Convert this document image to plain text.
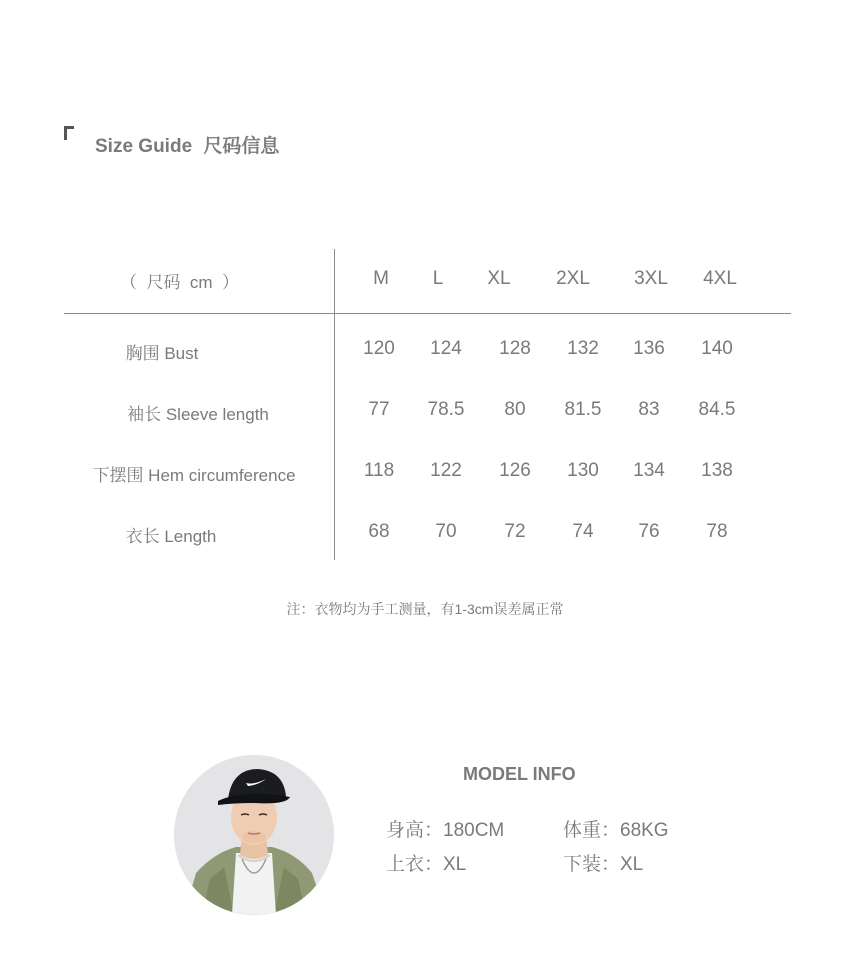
Size Guide 尺码信息
（  尺码  cm  ）	M L XL 2XL 3XL 4XL
胸围 Bust	120 124 128 132 136 140
袖长 Sleeve length	77 78.5 80 81.5 83 84.5
下摆围 Hem circumference	118 122 126 130 134 138
衣长 Length	68 70	72 74 76 78
注：衣物均为手工测量，有1-3cm误差属正常
MODEL INFO
身高：180CM	体重：68KG
上衣：XL	下装：XL
